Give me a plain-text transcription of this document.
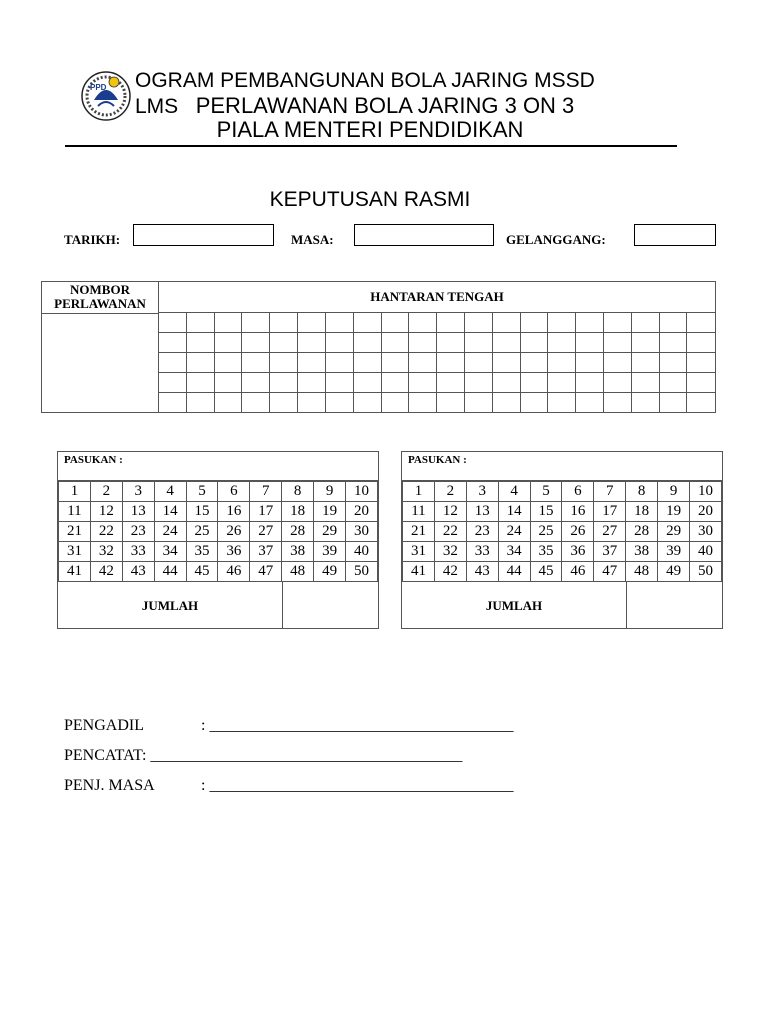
PPD OGRAM PEMBANGUNAN BOLA JARING MSSD LMS PERLAWANAN BOLA JARING 3 ON 3
PIALA MENTERI PENDIDIKAN
KEPUTUSAN RASMI
TARIKH:	MASA:	GELANGGANG:
NOMBOR PERLAWANAN	HANTARAN TENGAH																			

PASUKAN :
1	2	3	4	5	6	7	8	9	10
11	12	13	14	15	16	17	18	19	20
21	22	23	24	25	26	27	28	29	30
31	32	33	34	35	36	37	38	39	40
41	42	43	44	45	46	47	48	49	50
JUMLAH
PASUKAN :
1	2	3	4	5	6	7	8	9	10
11	12	13	14	15	16	17	18	19	20
21	22	23	24	25	26	27	28	29	30
31	32	33	34	35	36	37	38	39	40
41	42	43	44	45	46	47	48	49	50
JUMLAH
PENGADIL	: ______________________________________
PENCATAT: _______________________________________
PENJ. MASA	: ______________________________________
